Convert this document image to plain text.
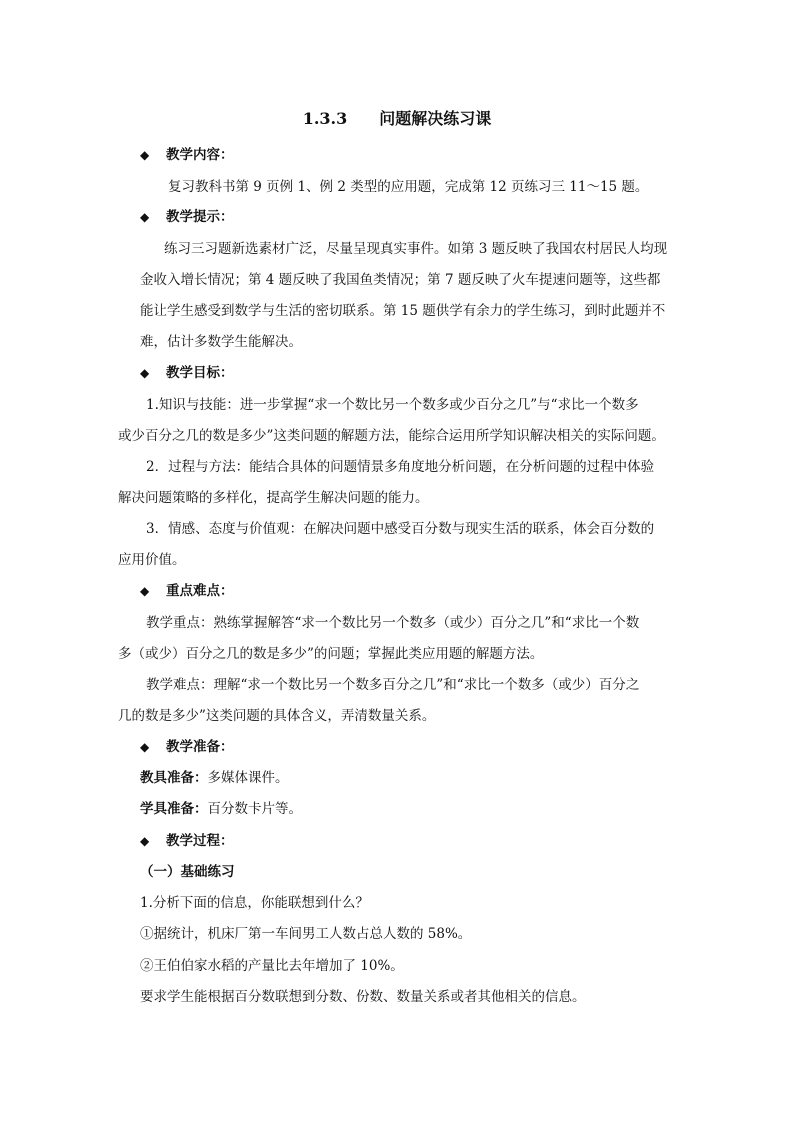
1.3.3　　问题解决练习课
◆ 教学内容：
复习教科书第 9 页例 1、例 2 类型的应用题，完成第 12 页练习三 11～15 题。
◆ 教学提示：
练习三习题新选素材广泛，尽量呈现真实事件。如第 3 题反映了我国农村居民人均现
金收入增长情况；第 4 题反映了我国鱼类情况；第 7 题反映了火车提速问题等，这些都
能让学生感受到数学与生活的密切联系。第 15 题供学有余力的学生练习，到时此题并不
难，估计多数学生能解决。
◆ 教学目标：
1.知识与技能：进一步掌握“求一个数比另一个数多或少百分之几”与“求比一个数多
或少百分之几的数是多少”这类问题的解题方法，能综合运用所学知识解决相关的实际问题。
2．过程与方法：能结合具体的问题情景多角度地分析问题，在分析问题的过程中体验
解决问题策略的多样化，提高学生解决问题的能力。
3．情感、态度与价值观：在解决问题中感受百分数与现实生活的联系，体会百分数的
应用价值。
◆ 重点难点：
教学重点：熟练掌握解答“求一个数比另一个数多（或少）百分之几”和“求比一个数
多（或少）百分之几的数是多少”的问题；掌握此类应用题的解题方法。
教学难点：理解“求一个数比另一个数多百分之几”和“求比一个数多（或少）百分之
几的数是多少”这类问题的具体含义，弄清数量关系。
◆ 教学准备：
教具准备：多媒体课件。
学具准备：百分数卡片等。
◆ 教学过程：
（一）基础练习
1.分析下面的信息，你能联想到什么？
①据统计，机床厂第一车间男工人数占总人数的 58%。
②王伯伯家水稻的产量比去年增加了 10%。
要求学生能根据百分数联想到分数、份数、数量关系或者其他相关的信息。
